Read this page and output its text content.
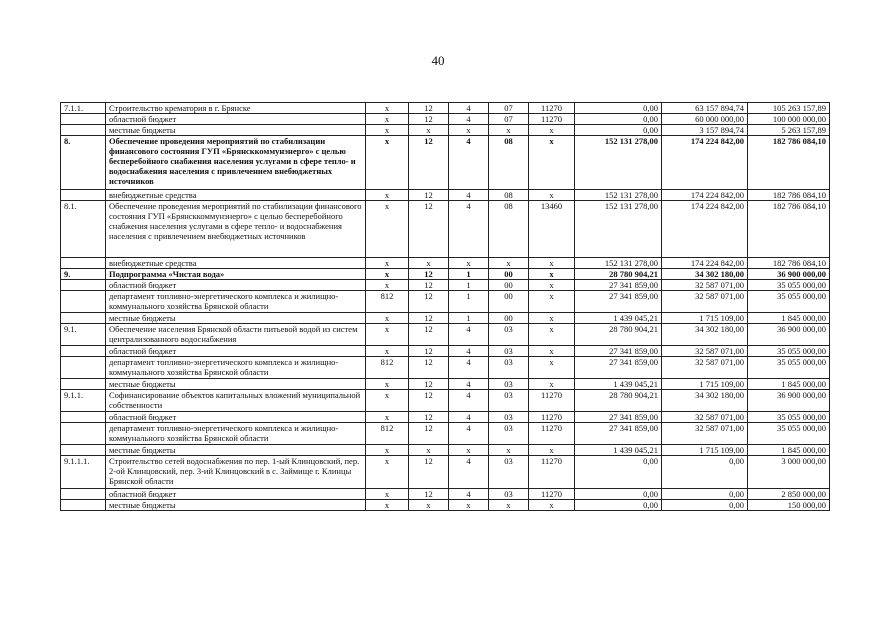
40
7.1.1.	Строительство крематория в г. Брянске	х	12	4	07	11270	0,00	63 157 894,74	105 263 157,89
	областной бюджет	х	12	4	07	11270	0,00	60 000 000,00	100 000 000,00
	местные бюджеты	х	х	х	х	х	0,00	3 157 894,74	5 263 157,89
8.	Обеспечение проведения мероприятий по стабилизации финансового состояния ГУП «Брянсккоммунэнерго» с целью бесперебойного снабжения населения услугами в сфере тепло- и водоснабжения населения с привлечением внебюджетных источников	х	12	4	08	х	152 131 278,00	174 224 842,00	182 786 084,10
	внебюджетные средства	х	12	4	08	х	152 131 278,00	174 224 842,00	182 786 084,10
8.1.	Обеспечение проведения мероприятий по стабилизации финансового состояния ГУП «Брянсккоммунэнерго» с целью бесперебойного снабжения населения услугами в сфере тепло- и водоснабжения населения с привлечением внебюджетных источников	х	12	4	08	13460	152 131 278,00	174 224 842,00	182 786 084,10
	внебюджетные средства	х	х	х	х	х	152 131 278,00	174 224 842,00	182 786 084,10
9.	Подпрограмма «Чистая вода»	х	12	1	00	х	28 780 904,21	34 302 180,00	36 900 000,00
	областной бюджет	х	12	1	00	х	27 341 859,00	32 587 071,00	35 055 000,00
	департамент топливно-энергетического комплекса и жилищно-коммунального хозяйства Брянской области	812	12	1	00	х	27 341 859,00	32 587 071,00	35 055 000,00
	местные бюджеты	х	12	1	00	х	1 439 045,21	1 715 109,00	1 845 000,00
9.1.	Обеспечение населения Брянской области питьевой водой из систем централизованного водоснабжения	х	12	4	03	х	28 780 904,21	34 302 180,00	36 900 000,00
	областной бюджет	х	12	4	03	х	27 341 859,00	32 587 071,00	35 055 000,00
	департамент топливно-энергетического комплекса и жилищно-коммунального хозяйства Брянской области	812	12	4	03	х	27 341 859,00	32 587 071,00	35 055 000,00
	местные бюджеты	х	12	4	03	х	1 439 045,21	1 715 109,00	1 845 000,00
9.1.1.	Софинансирование объектов капитальных вложений муниципальной собственности	х	12	4	03	11270	28 780 904,21	34 302 180,00	36 900 000,00
	областной бюджет	х	12	4	03	11270	27 341 859,00	32 587 071,00	35 055 000,00
	департамент топливно-энергетического комплекса и жилищно-коммунального хозяйства Брянской области	812	12	4	03	11270	27 341 859,00	32 587 071,00	35 055 000,00
	местные бюджеты	х	х	х	х	х	1 439 045,21	1 715 109,00	1 845 000,00
9.1.1.1.	Строительство сетей водоснабжения по пер. 1-ый Клинцовский, пер. 2-ой Клинцовский, пер. 3-ий Клинцовский в с. Займище г. Клинцы Брянской области	х	12	4	03	11270	0,00	0,00	3 000 000,00
	областной бюджет	х	12	4	03	11270	0,00	0,00	2 850 000,00
	местные бюджеты	х	х	х	х	х	0,00	0,00	150 000,00
